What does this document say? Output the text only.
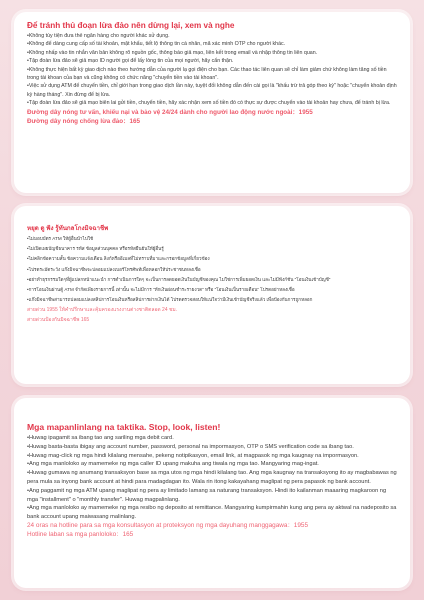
Để tránh thủ đoạn lừa đảo nên dừng lại, xem và nghe
•Không tùy tiện đưa thẻ ngân hàng cho người khác sử dụng.
•Không để dàng cung cấp số tài khoản, mật khẩu, tiết lộ thông tin cá nhân, mã xác minh OTP cho người khác.
•Không nhấp vào tin nhắn văn bản không rõ nguồn gốc, thông báo giả mạo, liên kết trong email và nhập thông tin liên quan.
•Tập đoàn lừa đảo sẽ giả mạo ID người gọi để lấy lòng tin của mọi người, hãy cẩn thận.
•Không thực hiện bất kỳ giao dịch nào theo hướng dẫn của người lạ gọi điện cho bạn. Các thao tác liên quan sẽ chỉ làm giảm chứ không làm tăng số tiền trong tài khoan của bạn và cũng không có chức năng "chuyển tiền vào tài khoan".
•Việc sử dụng ATM để chuyển tiền, chỉ giới hạn trong giao dịch lần này, tuyệt đối không dẫn đến cài gọi là "khấu trừ trả góp theo kỳ" hoặc "chuyển khoản định kỳ hàng tháng". Xin đừng để bị lừa.
•Tập đoàn lừa đảo sẽ giả mạo biên lai gửi tiền, chuyển tiền, hãy xác nhận xem số tiền đó có thực sự được chuyển vào tài khoản hay chưa, để tránh bị lừa.
Đường dây nóng tư vấn, khiếu nại và bảo vệ 24/24 dành cho người lao động nước ngoài：1955
Đường dây nóng chống lừa đảo：165
หยุด ดู ฟัง รู้ทันกลโกงมิจฉาชีพ
•ไม่มอบบัตร ATM ให้ผู้อื่นนำไปใช้
•ไม่เปิดเผยบัญชีธนาคาร รหัส ข้อมูลส่วนบุคคล หรือรหัสยืนยันให้ผู้อื่นรู้
•ไม่คลิกข้อความสั้น ข้อความแจ้งเตือน ลิงก์หรืออีเมลที่ไม่ทราบที่มาและกรอกข้อมูลที่เกี่ยวข้อง
•โปรดระมัดระวัง แก๊งมิจฉาชีพจะปลอมแปลงเบอร์โทรศัพท์เพื่อหลอกให้ประชาชนหลงเชื่อ
•อย่าทำธุรกรรมใดๆที่ผู้แปลกหน้าแนะนำ การดำเนินการใดๆ จะเป็นการลดยอดเงินในบัญชีของคุณ ไม่ใช่การเพิ่มยอดเงิน และไม่มีฟังก์ชัน "โอนเงินเข้าบัญชี"
•การโอนเงินผ่านตู้ ATM จำกัดเพียงรายการนี้ เท่านั้น จะไม่มีการ "หักเงินผ่อนชำระรายงวด" หรือ "โอนเงินเป็นรายเดือน" โปรดอย่าหลงเชื่อ
•แก๊งมิจฉาชีพสามารถปลอมแปลงสลิปการโอนเงินหรือสลิปการฝากเงินได้ โปรดตรวจสอบให้แน่ใจว่ามีเงินเข้าบัญชีจริงแล้ว เพื่อป้องกันการถูกหลอก
สายด่วน 1955 ให้คำปรึกษาและคุ้มครองแรงงานต่างชาติตลอด 24 ชม.
สายด่วนป้องกันมิจฉาชีพ 165
Mga mapanlinlang na taktika. Stop, look, listen!
•Huwag ipagamit sa ibang tao ang sariling mga debit card.
•Huwag basta-basta ibigay ang account number, password, personal na impormasyon, OTP o SMS verification code sa ibang tao.
•Huwag mag-click ng mga hindi kilalang mensahe, pekeng notipikasyon, email link, at magpasok ng mga kaugnay na impormasyon.
•Ang mga manloloko ay mamemeke ng mga caller ID upang makuha ang tiwala ng mga tao. Mangyaring mag-ingat.
•Huwag gumawa ng anumang transaksyon base sa mga utos ng mga hindi kilalang tao. Ang mga kaugnay na transaksyong ito ay magbabawas ng pera mula sa inyong bank account at hindi para madagdagan ito. Wala rin itong kakayahang maglipat ng pera papasok ng bank account.
•Ang paggamit ng mga ATM upang maglipat ng pera ay limitado lamang sa naturang transaksyon. Hindi ito kailanman maaaring magkaroon ng mga "installment" o "monthly transfer". Huwag magpalinlang.
•Ang mga manloloko ay mamemeke ng mga resibo ng deposito at remittance. Mangyaring kumpirmahin kung ang pera ay aktwal na nadeposito sa bank account upang maiwasang malinlang.
24 oras na hotline para sa mga konsultasyon at proteksyon ng mga dayuhang manggagawa：1955
Hotline laban sa mga panloloko：165
